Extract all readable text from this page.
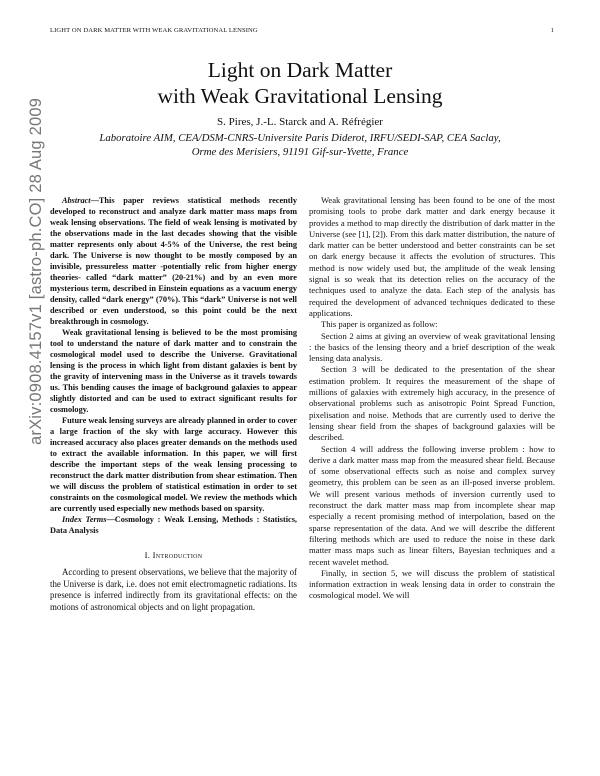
LIGHT ON DARK MATTER WITH WEAK GRAVITATIONAL LENSING	1
Light on Dark Matter
with Weak Gravitational Lensing
S. Pires, J.-L. Starck and A. Réfrégier
Laboratoire AIM, CEA/DSM-CNRS-Universite Paris Diderot, IRFU/SEDI-SAP, CEA Saclay,
Orme des Merisiers, 91191 Gif-sur-Yvette, France
arXiv:0908.4157v1 [astro-ph.CO] 28 Aug 2009	Abstract—This paper reviews statistical methods recently developed to reconstruct and analyze dark matter mass maps from weak lensing observations. The field of weak lensing is motivated by the observations made in the last decades showing that the visible matter represents only about 4-5% of the Universe, the rest being dark. The Universe is now thought to be mostly composed by an invisible, pressureless matter -potentially relic from higher energy theories- called “dark matter” (20-21%) and by an even more mysterious term, described in Einstein equations as a vacuum energy density, called “dark energy” (70%). This “dark” Universe is not well described or even understood, so this point could be the next breakthrough in cosmology.

Weak gravitational lensing is believed to be the most promising tool to understand the nature of dark matter and to constrain the cosmological model used to describe the Universe. Gravitational lensing is the process in which light from distant galaxies is bent by the gravity of intervening mass in the Universe as it travels towards us. This bending causes the image of background galaxies to appear slightly distorted and can be used to extract significant results for cosmology.

Future weak lensing surveys are already planned in order to cover a large fraction of the sky with large accuracy. However this increased accuracy also places greater demands on the methods used to extract the available information. In this paper, we will first describe the important steps of the weak lensing processing to reconstruct the dark matter distribution from shear estimation. Then we will discuss the problem of statistical estimation in order to set constraints on the cosmological model. We review the methods which are currently used especially new methods based on sparsity.

Index Terms—Cosmology : Weak Lensing, Methods : Statistics, Data Analysis

I. Introduction

According to present observations, we believe that the majority of the Universe is dark, i.e. does not emit electromagnetic radiations. Its presence is inferred indirectly from its gravitational effects: on the motions of astronomical objects and on light propagation.

Weak gravitational lensing has been found to be one of the most promising tools to probe dark matter and dark energy because it provides a method to map directly the distribution of dark matter in the Universe (see [1], [2]). From this dark matter distribution, the nature of dark matter can be better understood and better constraints can be set on dark energy because it affects the evolution of structures. This method is now widely used but, the amplitude of the weak lensing signal is so weak that its detection relies on the accuracy of the techniques used to analyze the data. Each step of the analysis has required the development of advanced techniques dedicated to these applications.

This paper is organized as follow:

Section 2 aims at giving an overview of weak gravitational lensing : the basics of the lensing theory and a brief description of the weak lensing data analysis.

Section 3 will be dedicated to the presentation of the shear estimation problem. It requires the measurement of the shape of millions of galaxies with extremely high accuracy, in the presence of observational problems such as anisotropic Point Spread Function, pixelisation and noise. Methods that are currently used to derive the lensing shear field from the shapes of background galaxies will be described.

Section 4 will address the following inverse problem : how to derive a dark matter mass map from the measured shear field. Because of some observational effects such as noise and complex survey geometry, this problem can be seen as an ill-posed inverse problem. We will present various methods of inversion currently used to reconstruct the dark matter mass map from incomplete shear map especially a recent promising method of interpolation, based on the sparse representation of the data. And we will describe the different filtering methods which are used to reduce the noise in these dark matter mass maps such as linear filters, Bayesian techniques and a recent wavelet method.

Finally, in section 5, we will discuss the problem of statistical information extraction in weak lensing data in order to constrain the cosmological model. We will
